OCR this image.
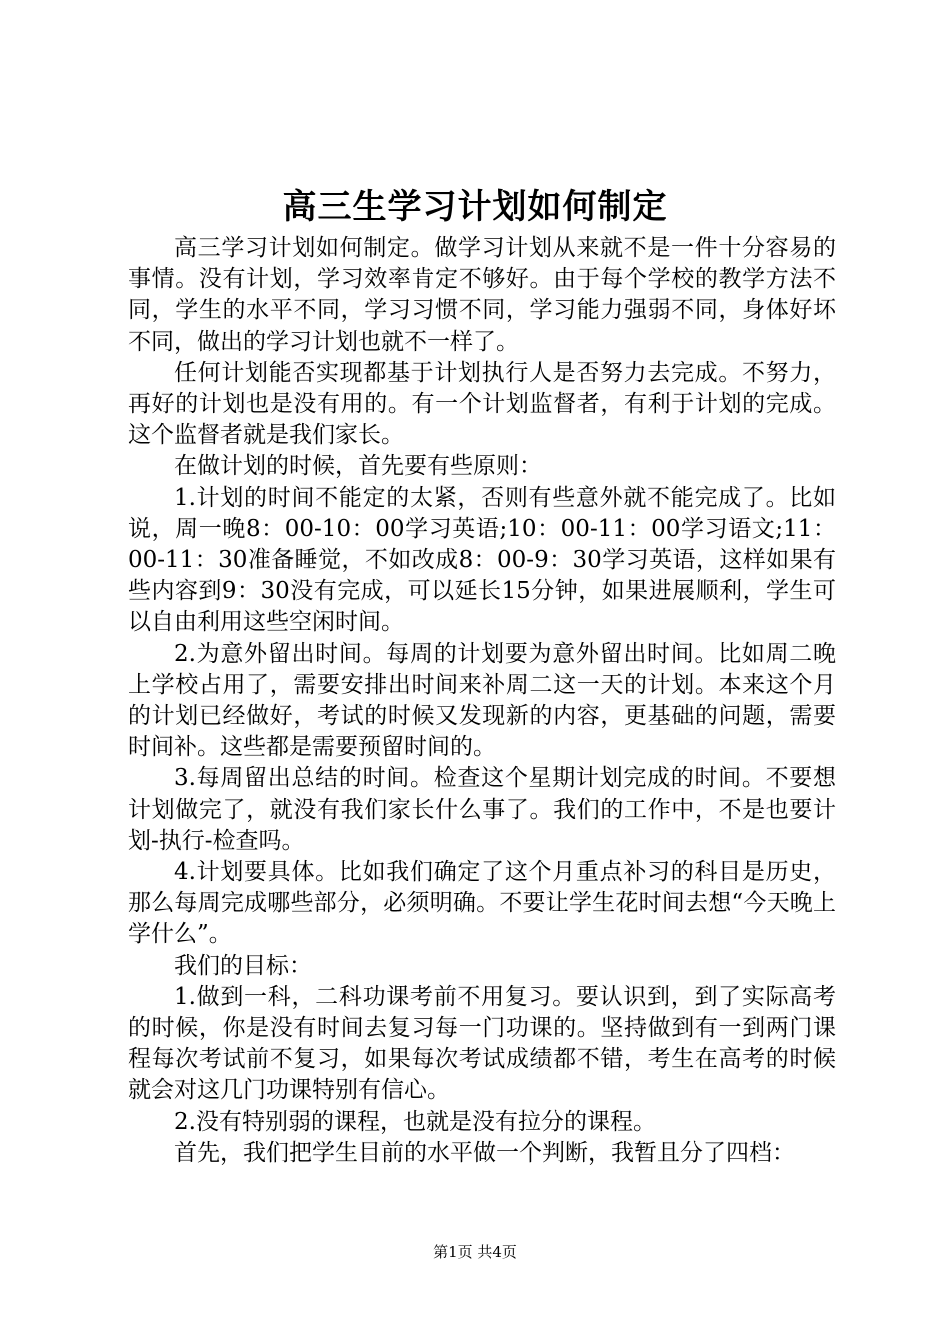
高三生学习计划如何制定

高三学习计划如何制定。做学习计划从来就不是一件十分容易的事情。没有计划，学习效率肯定不够好。由于每个学校的教学方法不同，学生的水平不同，学习习惯不同，学习能力强弱不同，身体好坏不同，做出的学习计划也就不一样了。

任何计划能否实现都基于计划执行人是否努力去完成。不努力，再好的计划也是没有用的。有一个计划监督者，有利于计划的完成。这个监督者就是我们家长。

在做计划的时候，首先要有些原则：

1.计划的时间不能定的太紧，否则有些意外就不能完成了。比如说，周一晚8：00-10：00学习英语;10：00-11：00学习语文;11：00-11：30准备睡觉，不如改成8：00-9：30学习英语，这样如果有些内容到9：30没有完成，可以延长15分钟，如果进展顺利，学生可以自由利用这些空闲时间。

2.为意外留出时间。每周的计划要为意外留出时间。比如周二晚上学校占用了，需要安排出时间来补周二这一天的计划。本来这个月的计划已经做好，考试的时候又发现新的内容，更基础的问题，需要时间补。这些都是需要预留时间的。

3.每周留出总结的时间。检查这个星期计划完成的时间。不要想计划做完了，就没有我们家长什么事了。我们的工作中，不是也要计划-执行-检查吗。

4.计划要具体。比如我们确定了这个月重点补习的科目是历史，那么每周完成哪些部分，必须明确。不要让学生花时间去想“今天晚上学什么”。

我们的目标：

1.做到一科，二科功课考前不用复习。要认识到，到了实际高考的时候，你是没有时间去复习每一门功课的。坚持做到有一到两门课程每次考试前不复习，如果每次考试成绩都不错，考生在高考的时候就会对这几门功课特别有信心。

2.没有特别弱的课程，也就是没有拉分的课程。

首先，我们把学生目前的水平做一个判断，我暂且分了四档：

第1页 共4页
